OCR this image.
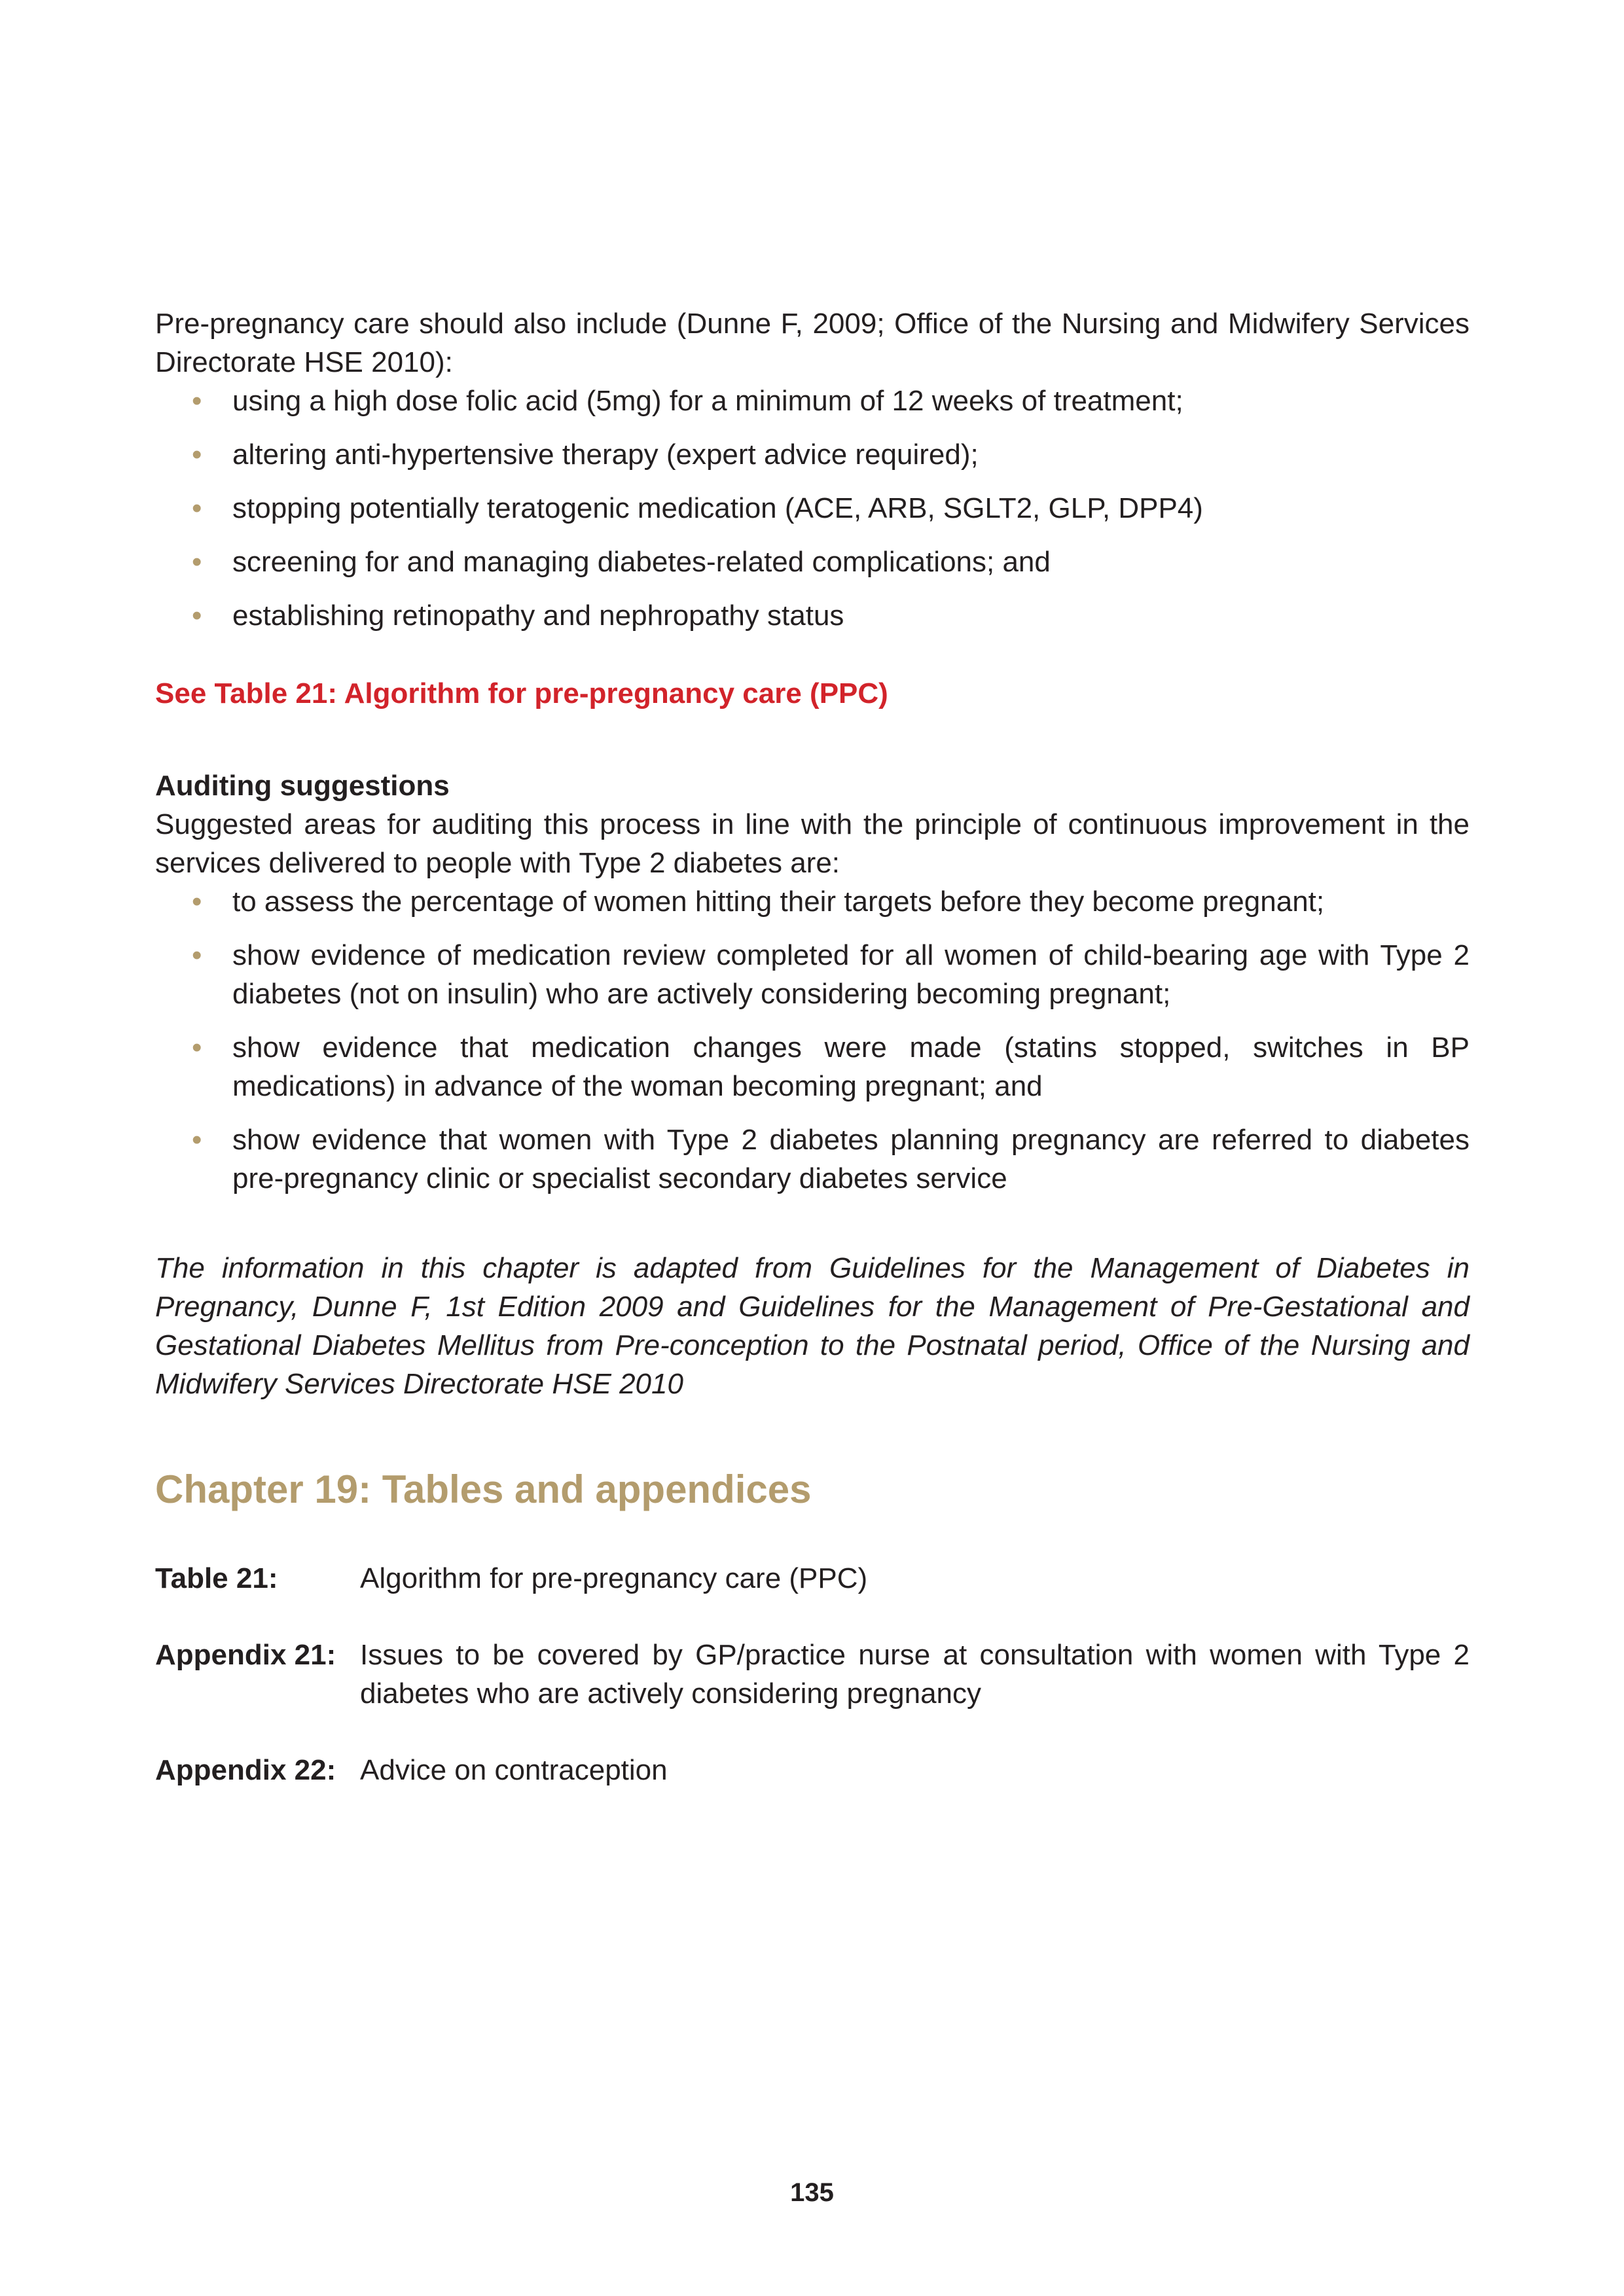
Pre-pregnancy care should also include (Dunne F, 2009; Office of the Nursing and Midwifery Services Directorate HSE 2010):

• using a high dose folic acid (5mg) for a minimum of 12 weeks of treatment;
• altering anti-hypertensive therapy (expert advice required);
• stopping potentially teratogenic medication (ACE, ARB, SGLT2, GLP, DPP4)
• screening for and managing diabetes-related complications; and
• establishing retinopathy and nephropathy status

See Table 21: Algorithm for pre-pregnancy care (PPC)

Auditing suggestions

Suggested areas for auditing this process in line with the principle of continuous improvement in the services delivered to people with Type 2 diabetes are:

• to assess the percentage of women hitting their targets before they become pregnant;
• show evidence of medication review completed for all women of child-bearing age with Type 2 diabetes (not on insulin) who are actively considering becoming pregnant;
• show evidence that medication changes were made (statins stopped, switches in BP medications) in advance of the woman becoming pregnant; and
• show evidence that women with Type 2 diabetes planning pregnancy are referred to diabetes pre-pregnancy clinic or specialist secondary diabetes service

The information in this chapter is adapted from Guidelines for the Management of Diabetes in Pregnancy, Dunne F, 1st Edition 2009 and Guidelines for the Management of Pre-Gestational and Gestational Diabetes Mellitus from Pre-conception to the Postnatal period, Office of the Nursing and Midwifery Services Directorate HSE 2010

Chapter 19: Tables and appendices
Table 21:	Algorithm for pre-pregnancy care (PPC)

Appendix 21:	Issues to be covered by GP/practice nurse at consultation with women with Type 2 diabetes who are actively considering pregnancy

Appendix 22:	Advice on contraception
135
